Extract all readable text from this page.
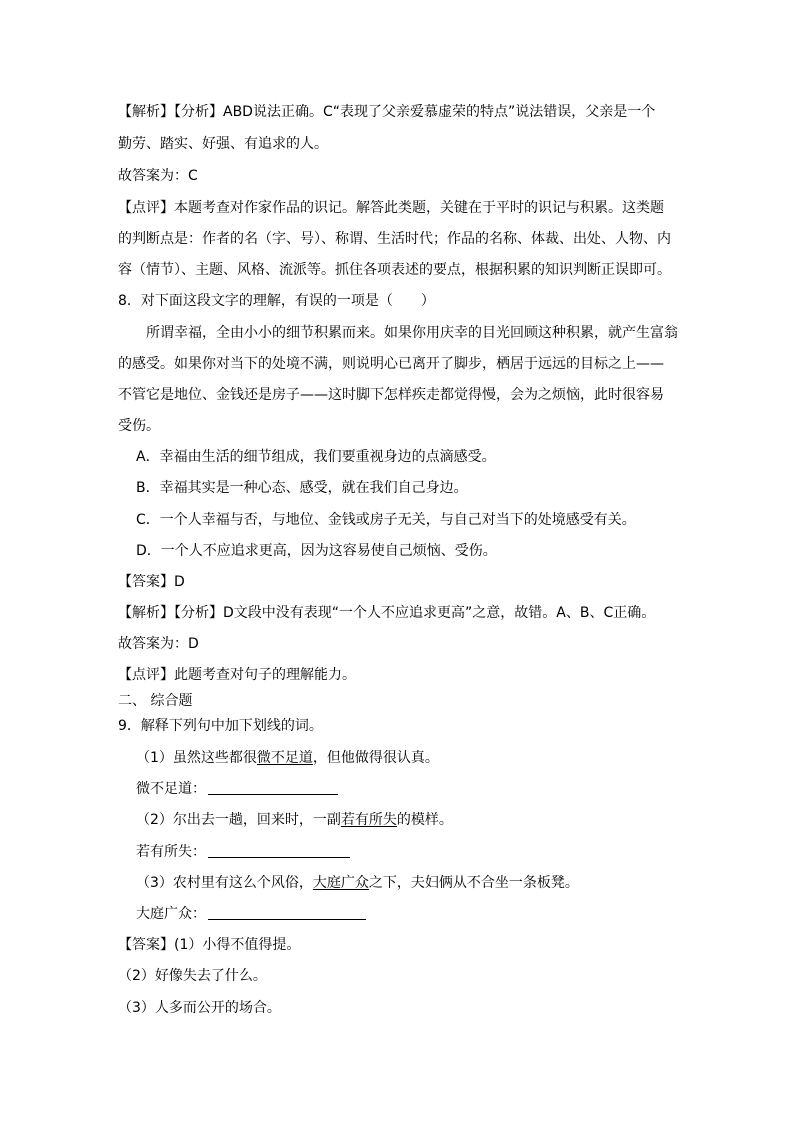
【解析】【分析】ABD说法正确。C“表现了父亲爱慕虚荣的特点”说法错误，父亲是一个
勤劳、踏实、好强、有追求的人。
故答案为：C
【点评】本题考查对作家作品的识记。解答此类题，关键在于平时的识记与积累。这类题
的判断点是：作者的名（字、号）、称谓、生活时代；作品的名称、体裁、出处、人物、内
容（情节）、主题、风格、流派等。抓住各项表述的要点，根据积累的知识判断正误即可。
8．对下面这段文字的理解，有误的一项是（　　）
所谓幸福，全由小小的细节积累而来。如果你用庆幸的目光回顾这种积累，就产生富翁
的感受。如果你对当下的处境不满，则说明心已离开了脚步，栖居于远远的目标之上——
不管它是地位、金钱还是房子——这时脚下怎样疾走都觉得慢，会为之烦恼，此时很容易
受伤。
A．幸福由生活的细节组成，我们要重视身边的点滴感受。
B．幸福其实是一种心态、感受，就在我们自己身边。
C．一个人幸福与否，与地位、金钱或房子无关，与自己对当下的处境感受有关。
D．一个人不应追求更高，因为这容易使自己烦恼、受伤。
【答案】D
【解析】【分析】D文段中没有表现“一个人不应追求更高”之意，故错。A、B、C正确。
故答案为：D
【点评】此题考查对句子的理解能力。
二、 综合题
9．解释下列句中加下划线的词。
（1）虽然这些都很微不足道，但他做得很认真。
微不足道：
（2）尔出去一趟，回来时，一副若有所失的模样。
若有所失：
（3）农村里有这么个风俗，大庭广众之下，夫妇俩从不合坐一条板凳。
大庭广众：
【答案】(1）小得不值得提。
（2）好像失去了什么。
（3）人多而公开的场合。
